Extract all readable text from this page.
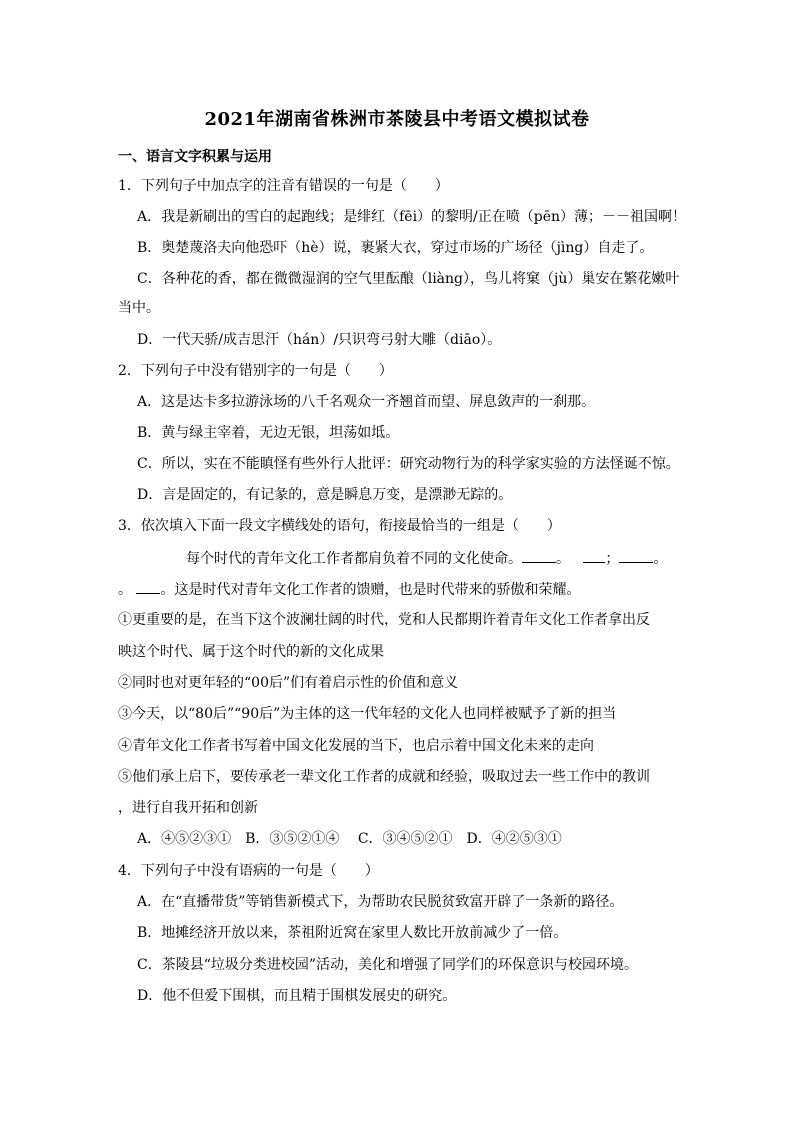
2021年湖南省株洲市茶陵县中考语文模拟试卷
一、语言文字积累与运用
1．下列句子中加点字的注音有错误的一句是（　　）
A．我是新刷出的雪白的起跑线；是绯红（fēi）的黎明/正在喷（pēn）薄；－－祖国啊！
B．奥楚蔑洛夫向他恐吓（hè）说，裹紧大衣，穿过市场的广场径（jìng）自走了。
C．各种花的香，都在微微湿润的空气里酝酿（liàng），鸟儿将窠（jù）巢安在繁花嫩叶
当中。
D．一代天骄/成吉思汗（hán）/只识弯弓射大雕（diāo）。
2．下列句子中没有错别字的一句是（　　）
A．这是达卡多拉游泳场的八千名观众一齐翘首而望、屏息敛声的一刹那。
B．黄与绿主宰着，无边无银，坦荡如坻。
C．所以，实在不能瞋怪有些外行人批评：研究动物行为的科学家实验的方法怪诞不惊。
D．言是固定的，有记彖的，意是瞬息万变，是漂渺无踪的。
3．依次填入下面一段文字横线处的语句，衔接最恰当的一组是（　　）
每个时代的青年文化工作者都肩负着不同的文化使命。 。	； 。
。 。这是时代对青年文化工作者的馈赠，也是时代带来的骄傲和荣耀。
①更重要的是，在当下这个波澜壮阔的时代，党和人民都期许着青年文化工作者拿出反
映这个时代、属于这个时代的新的文化成果
②同时也对更年轻的“00后”们有着启示性的价值和意义
③今天，以“80后”“90后”为主体的这一代年轻的文化人也同样被赋予了新的担当
④青年文化工作者书写着中国文化发展的当下，也启示着中国文化未来的走向
⑤他们承上启下，要传承老一辈文化工作者的成就和经验，吸取过去一些工作中的教训
，进行自我开拓和创新
A．④⑤②③①　B．③⑤②①④　 C．③④⑤②①　D．④②⑤③①
4．下列句子中没有语病的一句是（　　）
A．在“直播带货”等销售新模式下，为帮助农民脱贫致富开辟了一条新的路径。
B．地摊经济开放以来，茶祖附近窝在家里人数比开放前减少了一倍。
C．茶陵县“垃圾分类进校园”活动，美化和增强了同学们的环保意识与校园环境。
D．他不但爱下围棋，而且精于围棋发展史的研究。
